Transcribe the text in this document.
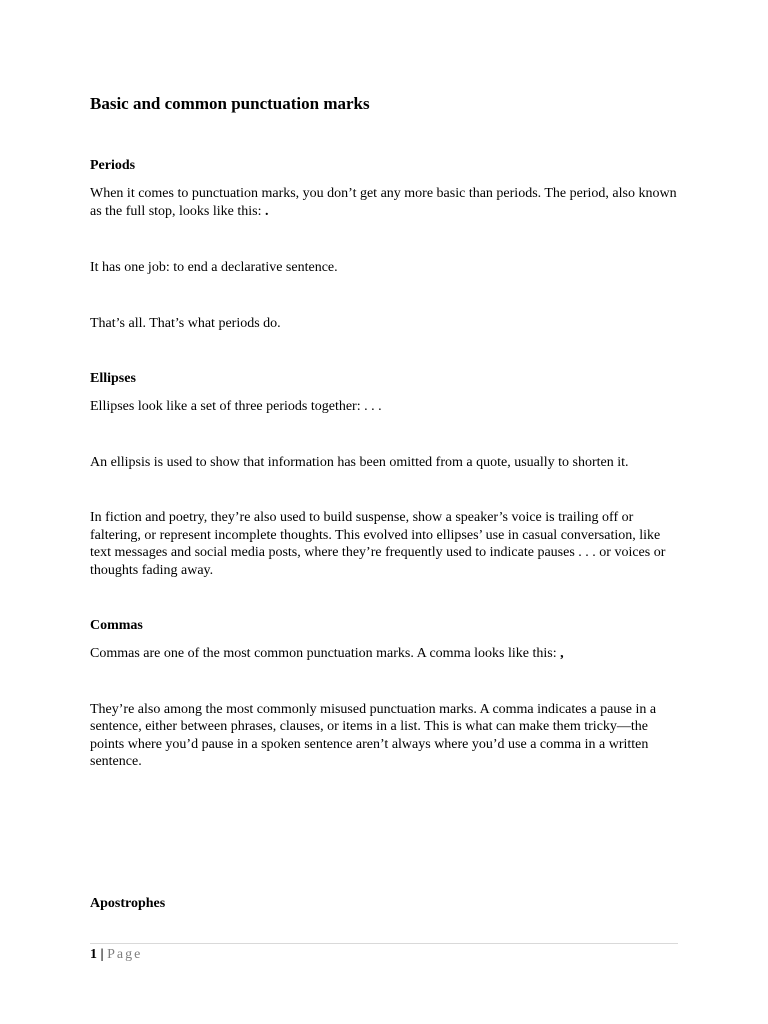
Basic and common punctuation marks
Periods

When it comes to punctuation marks, you don’t get any more basic than periods. The period, also known as the full stop, looks like this: .

It has one job: to end a declarative sentence.

That’s all. That’s what periods do.

Ellipses

Ellipses look like a set of three periods together: . . .

An ellipsis is used to show that information has been omitted from a quote, usually to shorten it.

In fiction and poetry, they’re also used to build suspense, show a speaker’s voice is trailing off or faltering, or represent incomplete thoughts. This evolved into ellipses’ use in casual conversation, like text messages and social media posts, where they’re frequently used to indicate pauses . . . or voices or thoughts fading away.

Commas

Commas are one of the most common punctuation marks. A comma looks like this: ,

They’re also among the most commonly misused punctuation marks. A comma indicates a pause in a sentence, either between phrases, clauses, or items in a list. This is what can make them tricky—the points where you’d pause in a spoken sentence aren’t always where you’d use a comma in a written sentence.

Apostrophes
1 | Page
